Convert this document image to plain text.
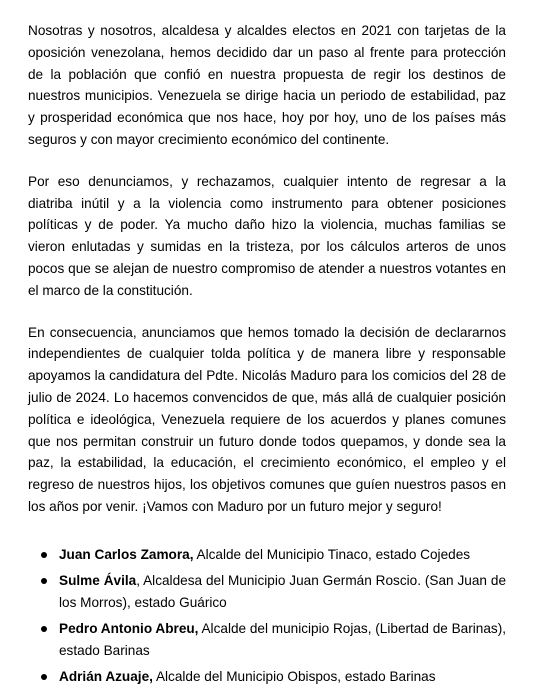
Nosotras y nosotros, alcaldesa y alcaldes electos en 2021 con tarjetas de la oposición venezolana, hemos decidido dar un paso al frente para protección de la población que confió en nuestra propuesta de regir los destinos de nuestros municipios. Venezuela se dirige hacia un periodo de estabilidad, paz y prosperidad económica que nos hace, hoy por hoy, uno de los países más seguros y con mayor crecimiento económico del continente.

Por eso denunciamos, y rechazamos, cualquier intento de regresar a la diatriba inútil y a la violencia como instrumento para obtener posiciones políticas y de poder. Ya mucho daño hizo la violencia, muchas familias se vieron enlutadas y sumidas en la tristeza, por los cálculos arteros de unos pocos que se alejan de nuestro compromiso de atender a nuestros votantes en el marco de la constitución.

En consecuencia, anunciamos que hemos tomado la decisión de declararnos independientes de cualquier tolda política y de manera libre y responsable apoyamos la candidatura del Pdte. Nicolás Maduro para los comicios del 28 de julio de 2024. Lo hacemos convencidos de que, más allá de cualquier posición política e ideológica, Venezuela requiere de los acuerdos y planes comunes que nos permitan construir un futuro donde todos quepamos, y donde sea la paz, la estabilidad, la educación, el crecimiento económico, el empleo y el regreso de nuestros hijos, los objetivos comunes que guíen nuestros pasos en los años por venir. ¡Vamos con Maduro por un futuro mejor y seguro!

Juan Carlos Zamora, Alcalde del Municipio Tinaco, estado Cojedes
Sulme Ávila, Alcaldesa del Municipio Juan Germán Roscio. (San Juan de los Morros), estado Guárico
Pedro Antonio Abreu, Alcalde del municipio Rojas, (Libertad de Barinas), estado Barinas
Adrián Azuaje, Alcalde del Municipio Obispos, estado Barinas
